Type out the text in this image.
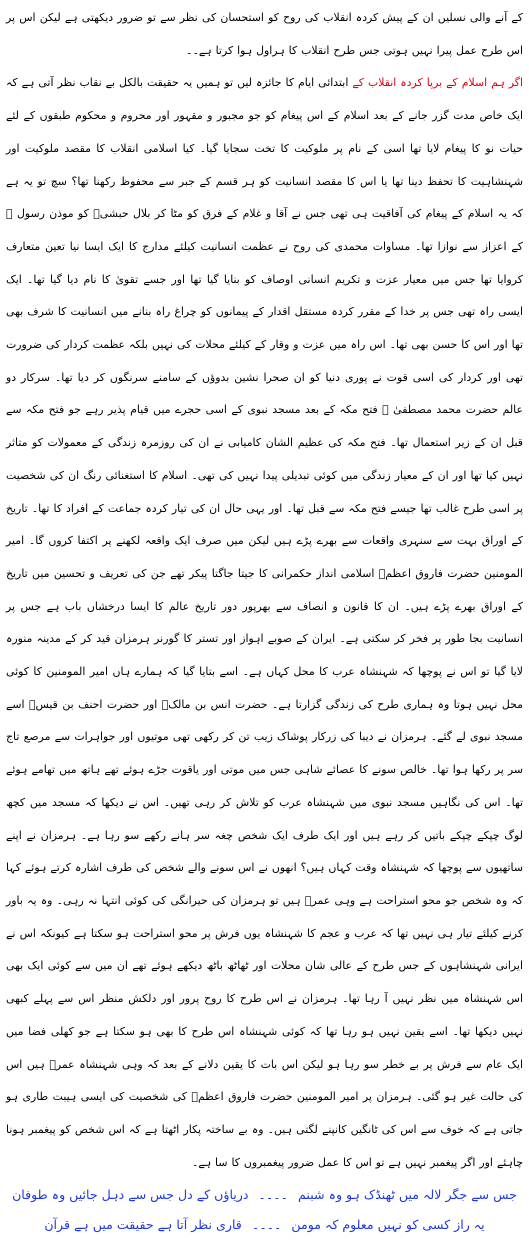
کے آنے والی نسلیں ان کے پیش کردہ انقلاب کی روح کو استحسان کی نظر سے تو ضرور دیکھتی ہے لیکن اس پر اس طرح عمل پیرا نہیں ہوتی جس طرح انقلاب کا ہراول ہوا کرتا ہے۔۔

اگر ہم اسلام کے برپا کردہ انقلاب کے ابتدائی ایام کا جائزہ لیں تو ہمیں یہ حقیقت بالکل بے نقاب نظر آتی ہے کہ ایک خاص مدت گزر جانے کے بعد اسلام کے اس پیغام کو جو مجبور و مقہور اور محروم و محکوم طبقوں کے لئے حیات نو کا پیغام لایا تھا اسی کے نام پر ملوکیت کا تخت سجایا گیا۔ کیا اسلامی انقلاب کا مقصد ملوکیت اور شہنشاہیت کا تحفظ دینا تھا یا اس کا مقصد انسانیت کو ہر قسم کے جبر سے محفوظ رکھنا تھا؟ سچ تو یہ ہے کہ یہ اسلام کے پیغام کی آفاقیت ہی تھی جس نے آقا و غلام کے فرق کو مٹا کر بلال حبشیؓ کو موذن رسول ﷺ کے اعزاز سے نوازا تھا۔ مساوات محمدی کی روح نے عظمت انسانیت کیلئے مدارج کا ایک ایسا نیا تعین متعارف کروایا تھا جس میں معیار عزت و تکریم انسانی اوصاف کو بنایا گیا تھا اور جسے تقویٰ کا نام دیا گیا تھا۔ ایک ایسی راہ تھی جس پر خدا کے مقرر کردہ مستقل اقدار کے پیمانوں کو چراغ راہ بنانے میں انسانیت کا شرف بھی تھا اور اس کا حسن بھی تھا۔ اس راہ میں عزت و وقار کے کیلئے محلات کی نہیں بلکہ عظمت کردار کی ضرورت تھی اور کردار کی اسی قوت نے پوری دنیا کو ان صحرا نشین بدوؤں کے سامنے سرنگوں کر دیا تھا۔ سرکار دو عالم حضرت محمد مصطفیٰ ﷺ فتح مکہ کے بعد مسجد نبوی کے اسی حجرے میں قیام پذیر رہے جو فتح مکہ سے قبل ان کے زیر استعمال تھا۔ فتح مکہ کی عظیم الشان کامیابی نے ان کی روزمرہ زندگی کے معمولات کو متاثر نہیں کیا تھا اور ان کے معیار زندگی میں کوئی تبدیلی پیدا نہیں کی تھی۔ اسلام کا استغنائی رنگ ان کی شخصیت پر اسی طرح غالب تھا جیسے فتح مکہ سے قبل تھا۔ اور یہی حال ان کی تیار کردہ جماعت کے افراد کا تھا۔ تاریخ کے اوراق بہت سے سنہری واقعات سے بھرے پڑے ہیں لیکن میں صرف ایک واقعہ لکھنے پر اکتفا کروں گا۔ امیر المومنین حضرت فاروق اعظمؓ اسلامی انداز حکمرانی کا جیتا جاگتا پیکر تھے جن کی تعریف و تحسین میں تاریخ کے اوراق بھرے پڑے ہیں۔ ان کا قانون و انصاف سے بھرپور دور تاریخ عالم کا ایسا درخشاں باب ہے جس پر انسانیت بجا طور پر فخر کر سکتی ہے۔ ایران کے صوبے اہواز اور تستر کا گورنر ہرمزان قید کر کے مدینہ منورہ لایا گیا تو اس نے پوچھا کہ شہنشاہ عرب کا محل کہاں ہے۔ اسے بتایا گیا کہ ہمارے ہاں امیر المومنین کا کوئی محل نہیں ہوتا وہ ہماری طرح کی زندگی گزارتا ہے۔ حضرت انس بن مالکؓ اور حضرت احنف بن قیسؓ اسے مسجد نبوی لے گئے۔ ہرمزان نے دیبا کی زرکار پوشاک زیب تن کر رکھی تھی موتیوں اور جواہرات سے مرصع تاج سر پر رکھا ہوا تھا۔ خالص سونے کا عصائے شاہی جس میں موتی اور یاقوت جڑے ہوئے تھے ہاتھ میں تھامے ہوئے تھا۔ اس کی نگاہیں مسجد نبوی میں شہنشاہ عرب کو تلاش کر رہی تھیں۔ اس نے دیکھا کہ مسجد میں کچھ لوگ چپکے چپکے باتیں کر رہے ہیں اور ایک طرف ایک شخص چغہ سر ہانے رکھے سو رہا ہے۔ ہرمزان نے اپنے ساتھیوں سے پوچھا کہ شہنشاہ وقت کہاں ہیں؟ انھوں نے اس سونے والے شخص کی طرف اشارہ کرتے ہوئے کہا کہ وہ شخص جو محو استراحت ہے وہی عمرؓ ہیں تو ہرمزان کی حیرانگی کی کوئی انتہا نہ رہی۔ وہ یہ باور کرنے کیلئے تیار ہی نہیں تھا کہ عرب و عجم کا شہنشاہ یوں فرش پر محو استراحت ہو سکتا ہے کیونکہ اس نے ایرانی شہنشاہوں کے جس طرح کے عالی شان محلات اور ٹھاٹھ باٹھ دیکھے ہوئے تھے ان میں سے کوئی ایک بھی اس شہنشاہ میں نظر نہیں آ رہا تھا۔ ہرمزان نے اس طرح کا روح پرور اور دلکش منظر اس سے پہلے کبھی نہیں دیکھا تھا۔ اسے یقین نہیں ہو رہا تھا کہ کوئی شہنشاہ اس طرح کا بھی ہو سکتا ہے جو کھلی فضا میں ایک عام سے فرش پر بے خطر سو رہا ہو لیکن اس بات کا یقین دلانے کے بعد کہ وہی شہنشاہ عمرؓ ہیں اس کی حالت غیر ہو گئی۔ ہرمزان پر امیر المومنین حضرت فاروق اعظمؓ کی شخصیت کی ایسی ہیبت طاری ہو جاتی ہے کہ خوف سے اس کی ٹانگیں کانپنے لگتی ہیں۔ وہ بے ساختہ پکار اٹھتا ہے کہ اس شخص کو پیغمبر ہونا چاہئے اور اگر پیغمبر نہیں ہے تو اس کا عمل ضرور پیغمبروں کا سا ہے۔

جس سے جگر لالہ میں ٹھنڈک ہو وہ شبنم۔۔۔۔دریاؤں کے دل جس سے دہل جائیں وہ طوفان
یہ راز کسی کو نہیں معلوم کہ مومن۔۔۔۔قاری نظر آتا ہے حقیقت میں ہے قرآن
